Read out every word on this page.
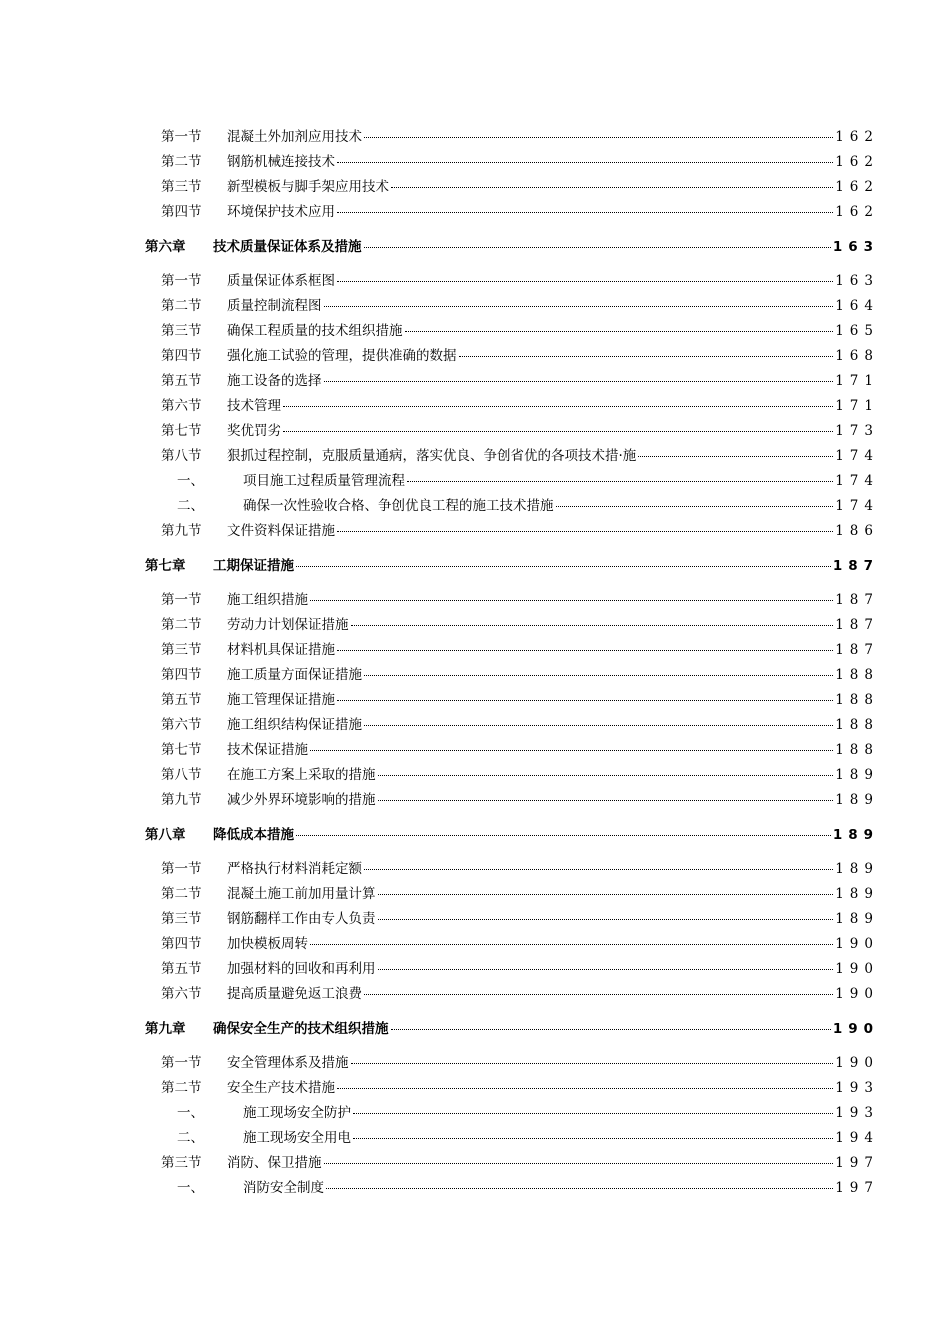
第一节	混凝土外加剂应用技术	162
第二节	钢筋机械连接技术	162
第三节	新型模板与脚手架应用技术	162
第四节	环境保护技术应用	162
第六章	技术质量保证体系及措施	163
第一节	质量保证体系框图	163
第二节	质量控制流程图	164
第三节	确保工程质量的技术组织措施	165
第四节	强化施工试验的管理，提供准确的数据	168
第五节	施工设备的选择	171
第六节	技术管理	171
第七节	奖优罚劣	173
第八节	狠抓过程控制，克服质量通病，落实优良、争创省优的各项技术措·施	174
一、	项目施工过程质量管理流程	174
二、	确保一次性验收合格、争创优良工程的施工技术措施	174
第九节	文件资料保证措施	186
第七章	工期保证措施	187
第一节	施工组织措施	187
第二节	劳动力计划保证措施	187
第三节	材料机具保证措施	187
第四节	施工质量方面保证措施	188
第五节	施工管理保证措施	188
第六节	施工组织结构保证措施	188
第七节	技术保证措施	188
第八节	在施工方案上采取的措施	189
第九节	减少外界环境影响的措施	189
第八章	降低成本措施	189
第一节	严格执行材料消耗定额	189
第二节	混凝土施工前加用量计算	189
第三节	钢筋翻样工作由专人负责	189
第四节	加快模板周转	190
第五节	加强材料的回收和再利用	190
第六节	提高质量避免返工浪费	190
第九章	确保安全生产的技术组织措施	190
第一节	安全管理体系及措施	190
第二节	安全生产技术措施	193
一、	施工现场安全防护	193
二、	施工现场安全用电	194
第三节	消防、保卫措施	197
一、	消防安全制度	197
